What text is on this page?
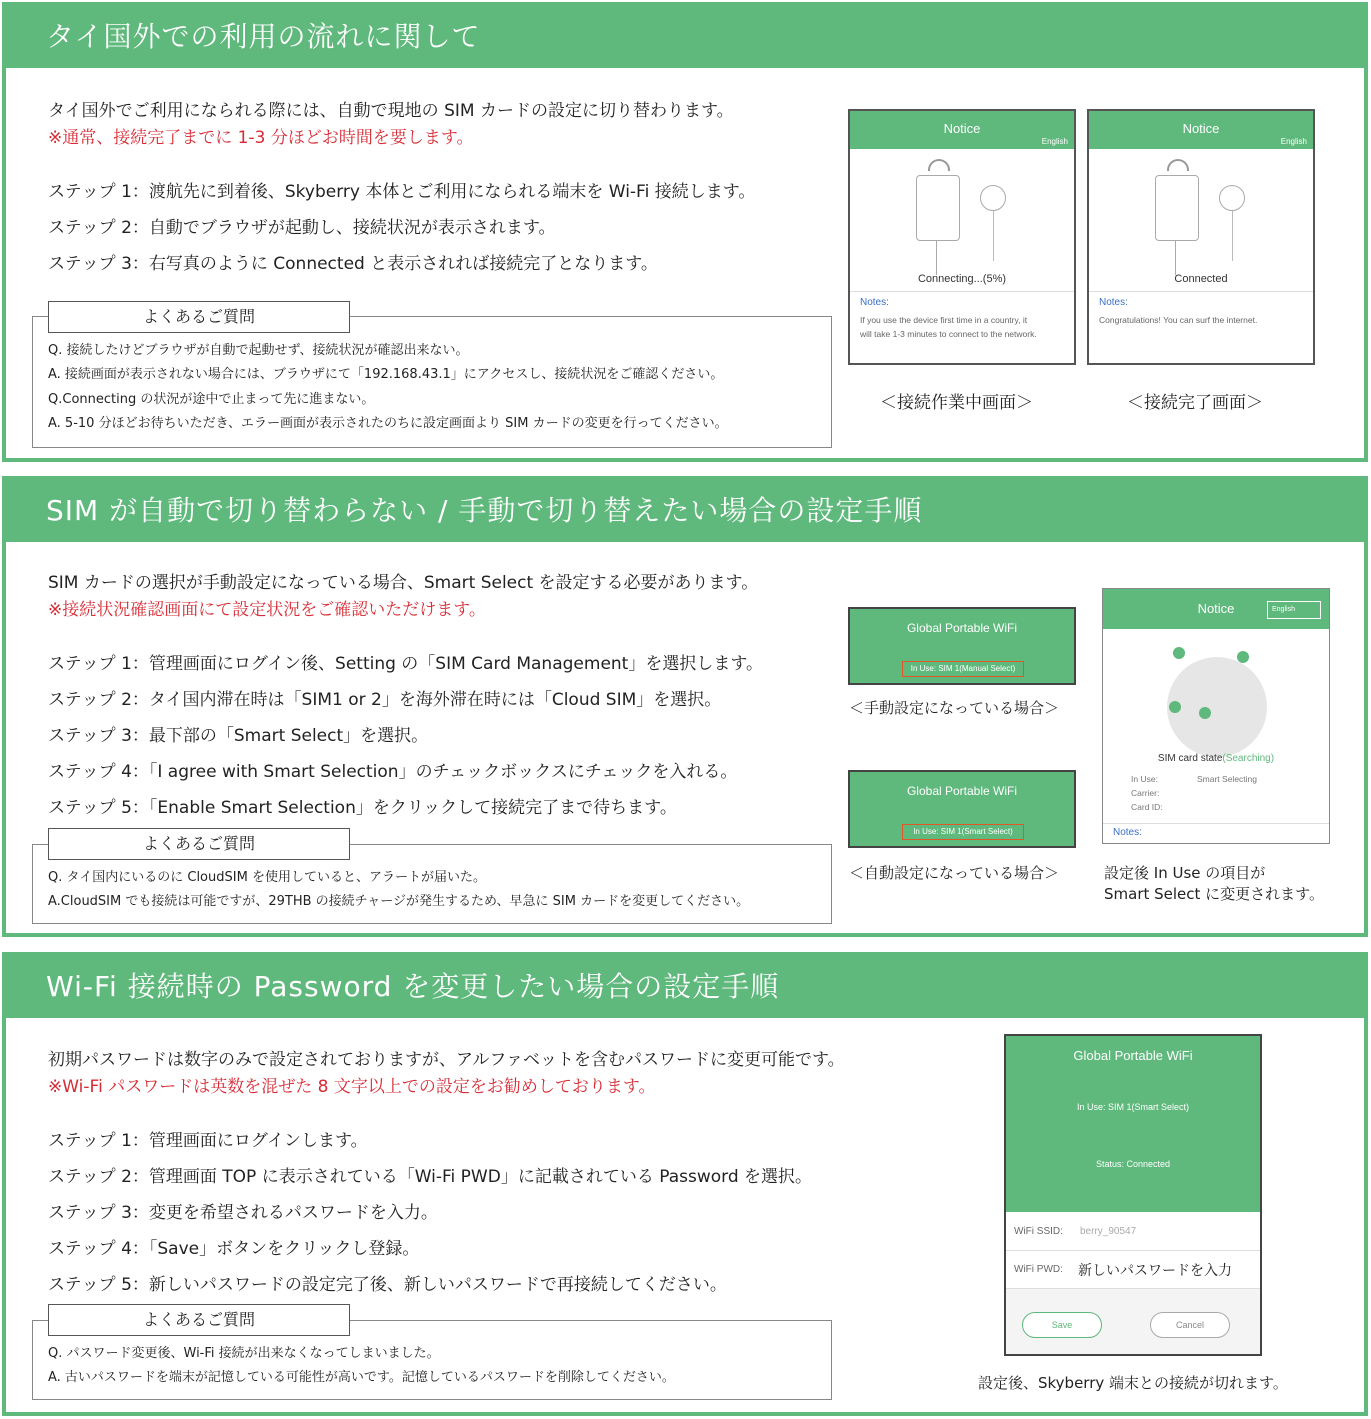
タイ国外での利用の流れに関して
タイ国外でご利用になられる際には、自動で現地の SIM カードの設定に切り替わります。
※通常、接続完了までに 1-3 分ほどお時間を要します。
ステップ 1：渡航先に到着後、Skyberry 本体とご利用になられる端末を Wi-Fi 接続します。
ステップ 2：自動でブラウザが起動し、接続状況が表示されます。
ステップ 3：右写真のように Connected と表示されれば接続完了となります。
よくあるご質問
Q. 接続したけどブラウザが自動で起動せず、接続状況が確認出来ない。
A. 接続画面が表示されない場合には、ブラウザにて「192.168.43.1」にアクセスし、接続状況をご確認ください。
Q.Connecting の状況が途中で止まって先に進まない。
A. 5-10 分ほどお待ちいただき、エラー画面が表示されたのちに設定画面より SIM カードの変更を行ってください。
Notice
English
Connecting...(5%)
Notes:
If you use the device first time in a country, it
will take 1-3 minutes to connect to the network.
＜接続作業中画面＞
Notice
English
Connected
Notes:
Congratulations! You can surf the internet.
＜接続完了画面＞
SIM が自動で切り替わらない / 手動で切り替えたい場合の設定手順
SIM カードの選択が手動設定になっている場合、Smart Select を設定する必要があります。
※接続状況確認画面にて設定状況をご確認いただけます。
ステップ 1：管理画面にログイン後、Setting の「SIM Card Management」を選択します。
ステップ 2：タイ国内滞在時は「SIM1 or 2」を海外滞在時には「Cloud SIM」を選択。
ステップ 3：最下部の「Smart Select」を選択。
ステップ 4：「I agree with Smart Selection」のチェックボックスにチェックを入れる。
ステップ 5：「Enable Smart Selection」をクリックして接続完了まで待ちます。
よくあるご質問
Q. タイ国内にいるのに CloudSIM を使用していると、アラートが届いた。
A.CloudSIM でも接続は可能ですが、29THB の接続チャージが発生するため、早急に SIM カードを変更してください。
Global Portable WiFi
In Use: SIM 1(Manual Select)
＜手動設定になっている場合＞
Global Portable WiFi
In Use: SIM 1(Smart Select)
＜自動設定になっている場合＞
Notice	English
SIM card state(Searching)
In Use:	Smart Selecting
Carrier:
Card ID:
Notes:
設定後 In Use の項目が
Smart Select に変更されます。
Wi-Fi 接続時の Password を変更したい場合の設定手順
初期パスワードは数字のみで設定されておりますが、アルファベットを含むパスワードに変更可能です。
※Wi-Fi パスワードは英数を混ぜた 8 文字以上での設定をお勧めしております。
ステップ 1：管理画面にログインします。
ステップ 2：管理画面 TOP に表示されている「Wi-Fi PWD」に記載されている Password を選択。
ステップ 3：変更を希望されるパスワードを入力。
ステップ 4：「Save」ボタンをクリックし登録。
ステップ 5：新しいパスワードの設定完了後、新しいパスワードで再接続してください。
よくあるご質問
Q. パスワード変更後、Wi-Fi 接続が出来なくなってしまいました。
A. 古いパスワードを端末が記憶している可能性が高いです。記憶しているパスワードを削除してください。
Global Portable WiFi
In Use: SIM 1(Smart Select)
Status: Connected
WiFi SSID: berry_90547
WiFi PWD: 新しいパスワードを入力
Save	Cancel
設定後、Skyberry 端末との接続が切れます。
